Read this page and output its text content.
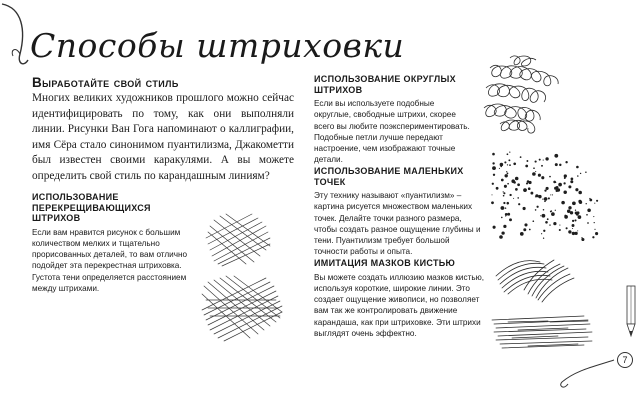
Способы штриховки
Выработайте свой стиль

Многих великих художников прошлого можно сейчас идентифицировать по тому, как они выполняли линии. Рисунки Ван Гога напоминают о каллиграфии, имя Сёра стало синонимом пуантилизма, Джакометти был известен своими каракулями. А вы можете определить свой стиль по карандашным линиям?

ИСПОЛЬЗОВАНИЕ ПЕРЕКРЕЩИВАЮЩИХСЯ ШТРИХОВ

Если вам нравится рисунок с большим количеством мелких и тщательно прорисованных деталей, то вам отлично подойдет эта перекрестная штриховка. Густота тени определяется расстоянием между штрихами.

ИСПОЛЬЗОВАНИЕ ОКРУГЛЫХ ШТРИХОВ

Если вы используете подобные округлые, свободные штрихи, скорее всего вы любите поэкспериментировать. Подобные петли лучше передают настроение, чем изображают точные детали.

ИСПОЛЬЗОВАНИЕ МАЛЕНЬКИХ ТОЧЕК

Эту технику называют «пуантилизм» – картина рисуется множеством маленьких точек. Делайте точки разного размера, чтобы создать разное ощущение глубины и тени. Пуантилизм требует большой точности работы и опыта.

ИМИТАЦИЯ МАЗКОВ КИСТЬЮ

Вы можете создать иллюзию мазков кистью, используя короткие, широкие линии. Это создает ощущение живописи, но позволяет вам так же контролировать движение карандаша, как при штриховке. Эти штрихи выглядят очень эффектно.

7
